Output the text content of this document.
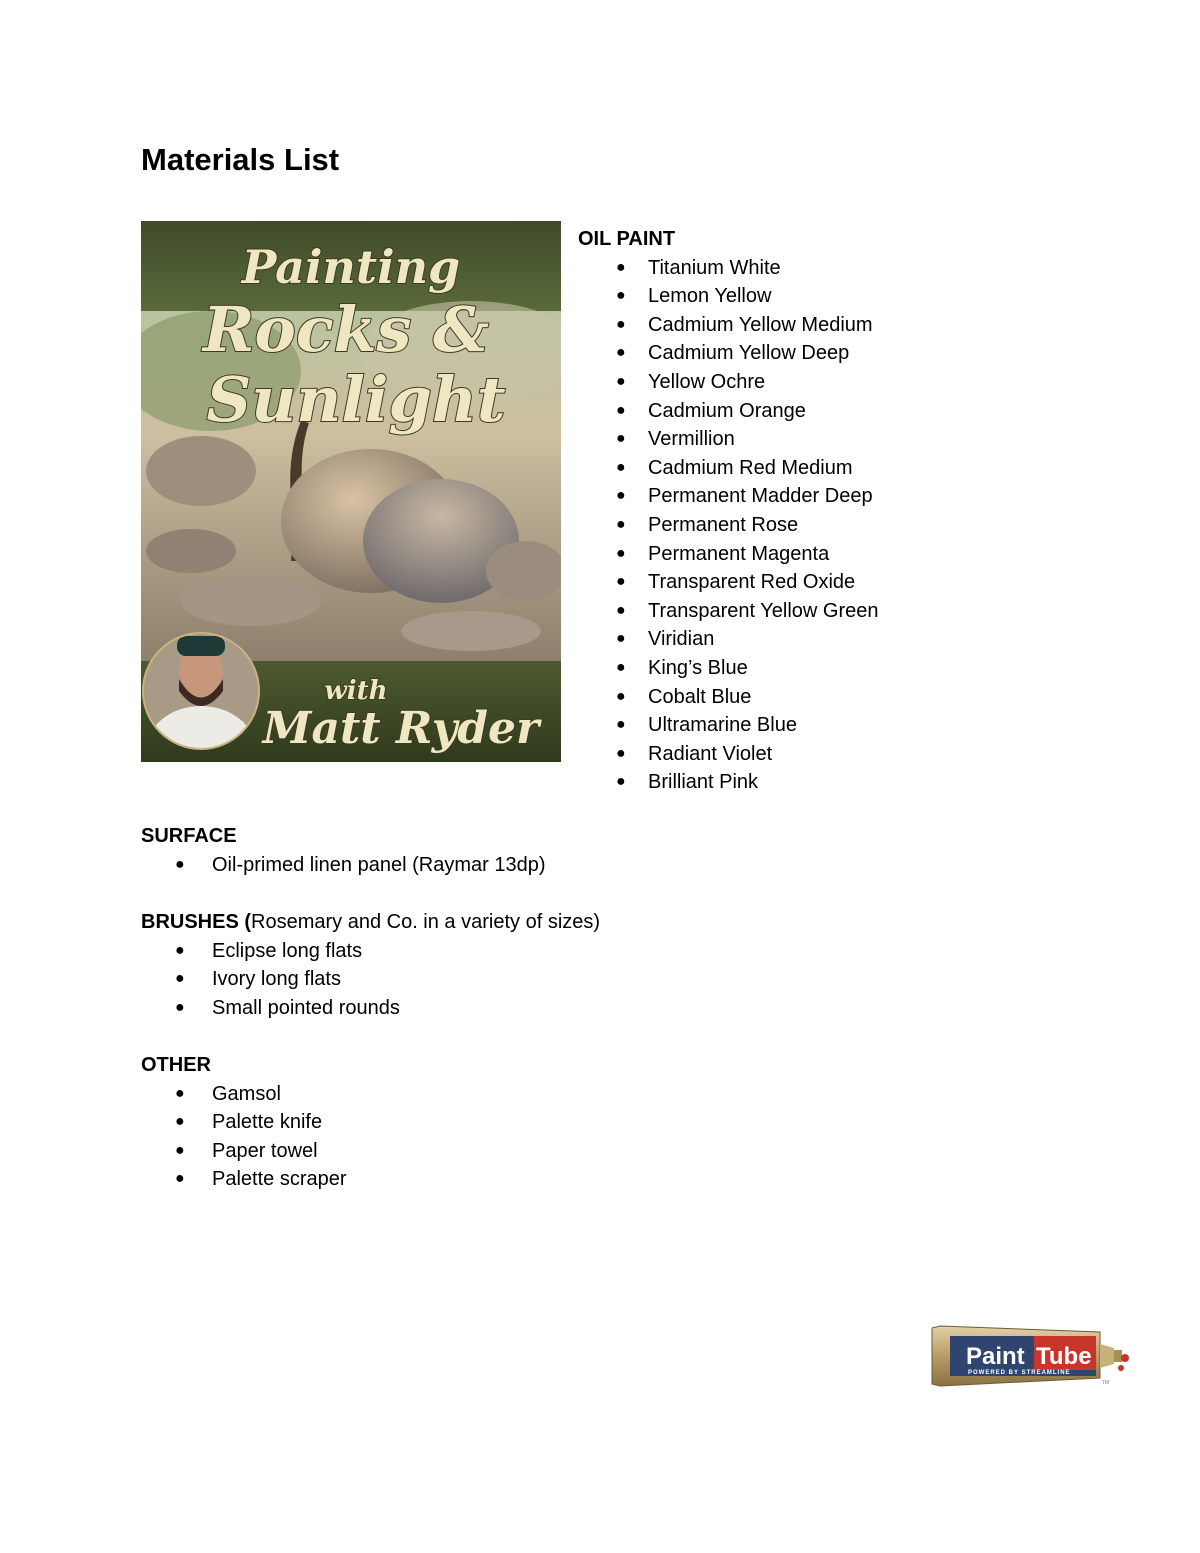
Materials List
Painting
Rocks &
Sunlight
with
Matt Ryder
OIL PAINT
● Titanium White
● Lemon Yellow
● Cadmium Yellow Medium
● Cadmium Yellow Deep
● Yellow Ochre
● Cadmium Orange
● Vermillion
● Cadmium Red Medium
● Permanent Madder Deep
● Permanent Rose
● Permanent Magenta
● Transparent Red Oxide
● Transparent Yellow Green
● Viridian
● King’s Blue
● Cobalt Blue
● Ultramarine Blue
● Radiant Violet
● Brilliant Pink
SURFACE
● Oil-primed linen panel (Raymar 13dp)
BRUSHES (Rosemary and Co. in a variety of sizes)
● Eclipse long flats
● Ivory long flats
● Small pointed rounds
OTHER
● Gamsol
● Palette knife
● Paper towel
● Palette scraper
Paint Tube
POWERED BY STREAMLINE
TM
